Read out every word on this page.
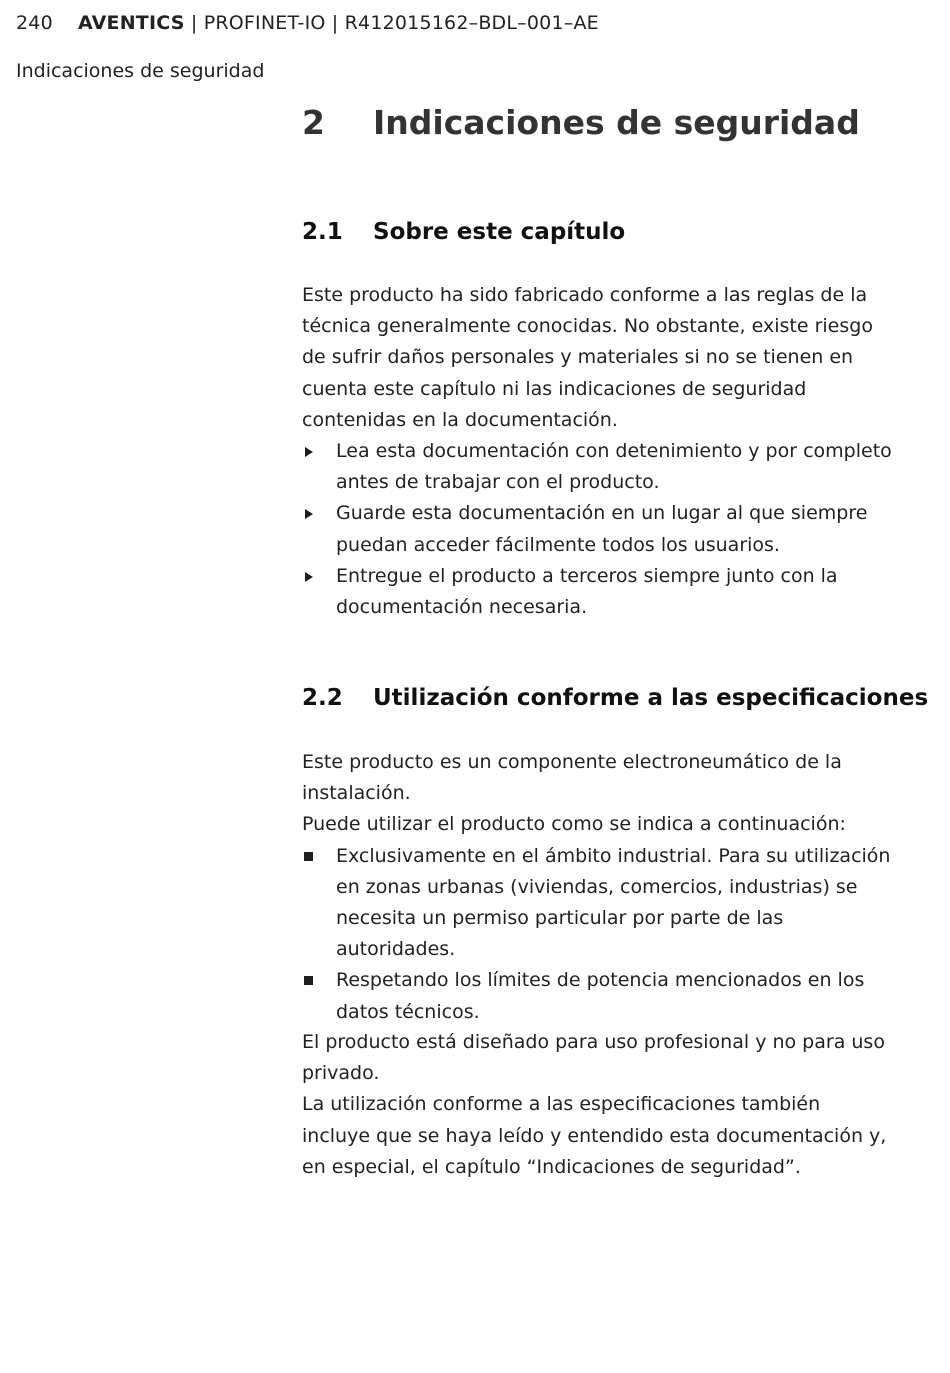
240 AVENTICS | PROFINET-IO | R412015162–BDL–001–AE
Indicaciones de seguridad
2 Indicaciones de seguridad
2.1 Sobre este capítulo

Este producto ha sido fabricado conforme a las reglas de la técnica generalmente conocidas. No obstante, existe riesgo de sufrir daños personales y materiales si no se tienen en cuenta este capítulo ni las indicaciones de seguridad contenidas en la documentación.

Lea esta documentación con detenimiento y por completo antes de trabajar con el producto.
Guarde esta documentación en un lugar al que siempre puedan acceder fácilmente todos los usuarios.
Entregue el producto a terceros siempre junto con la documentación necesaria.
2.2 Utilización conforme a las especificaciones

Este producto es un componente electroneumático de la instalación.

Puede utilizar el producto como se indica a continuación:

Exclusivamente en el ámbito industrial. Para su utilización en zonas urbanas (viviendas, comercios, industrias) se necesita un permiso particular por parte de las autoridades.
Respetando los límites de potencia mencionados en los datos técnicos.

El producto está diseñado para uso profesional y no para uso privado.

La utilización conforme a las especificaciones también incluye que se haya leído y entendido esta documentación y, en especial, el capítulo “Indicaciones de seguridad”.
